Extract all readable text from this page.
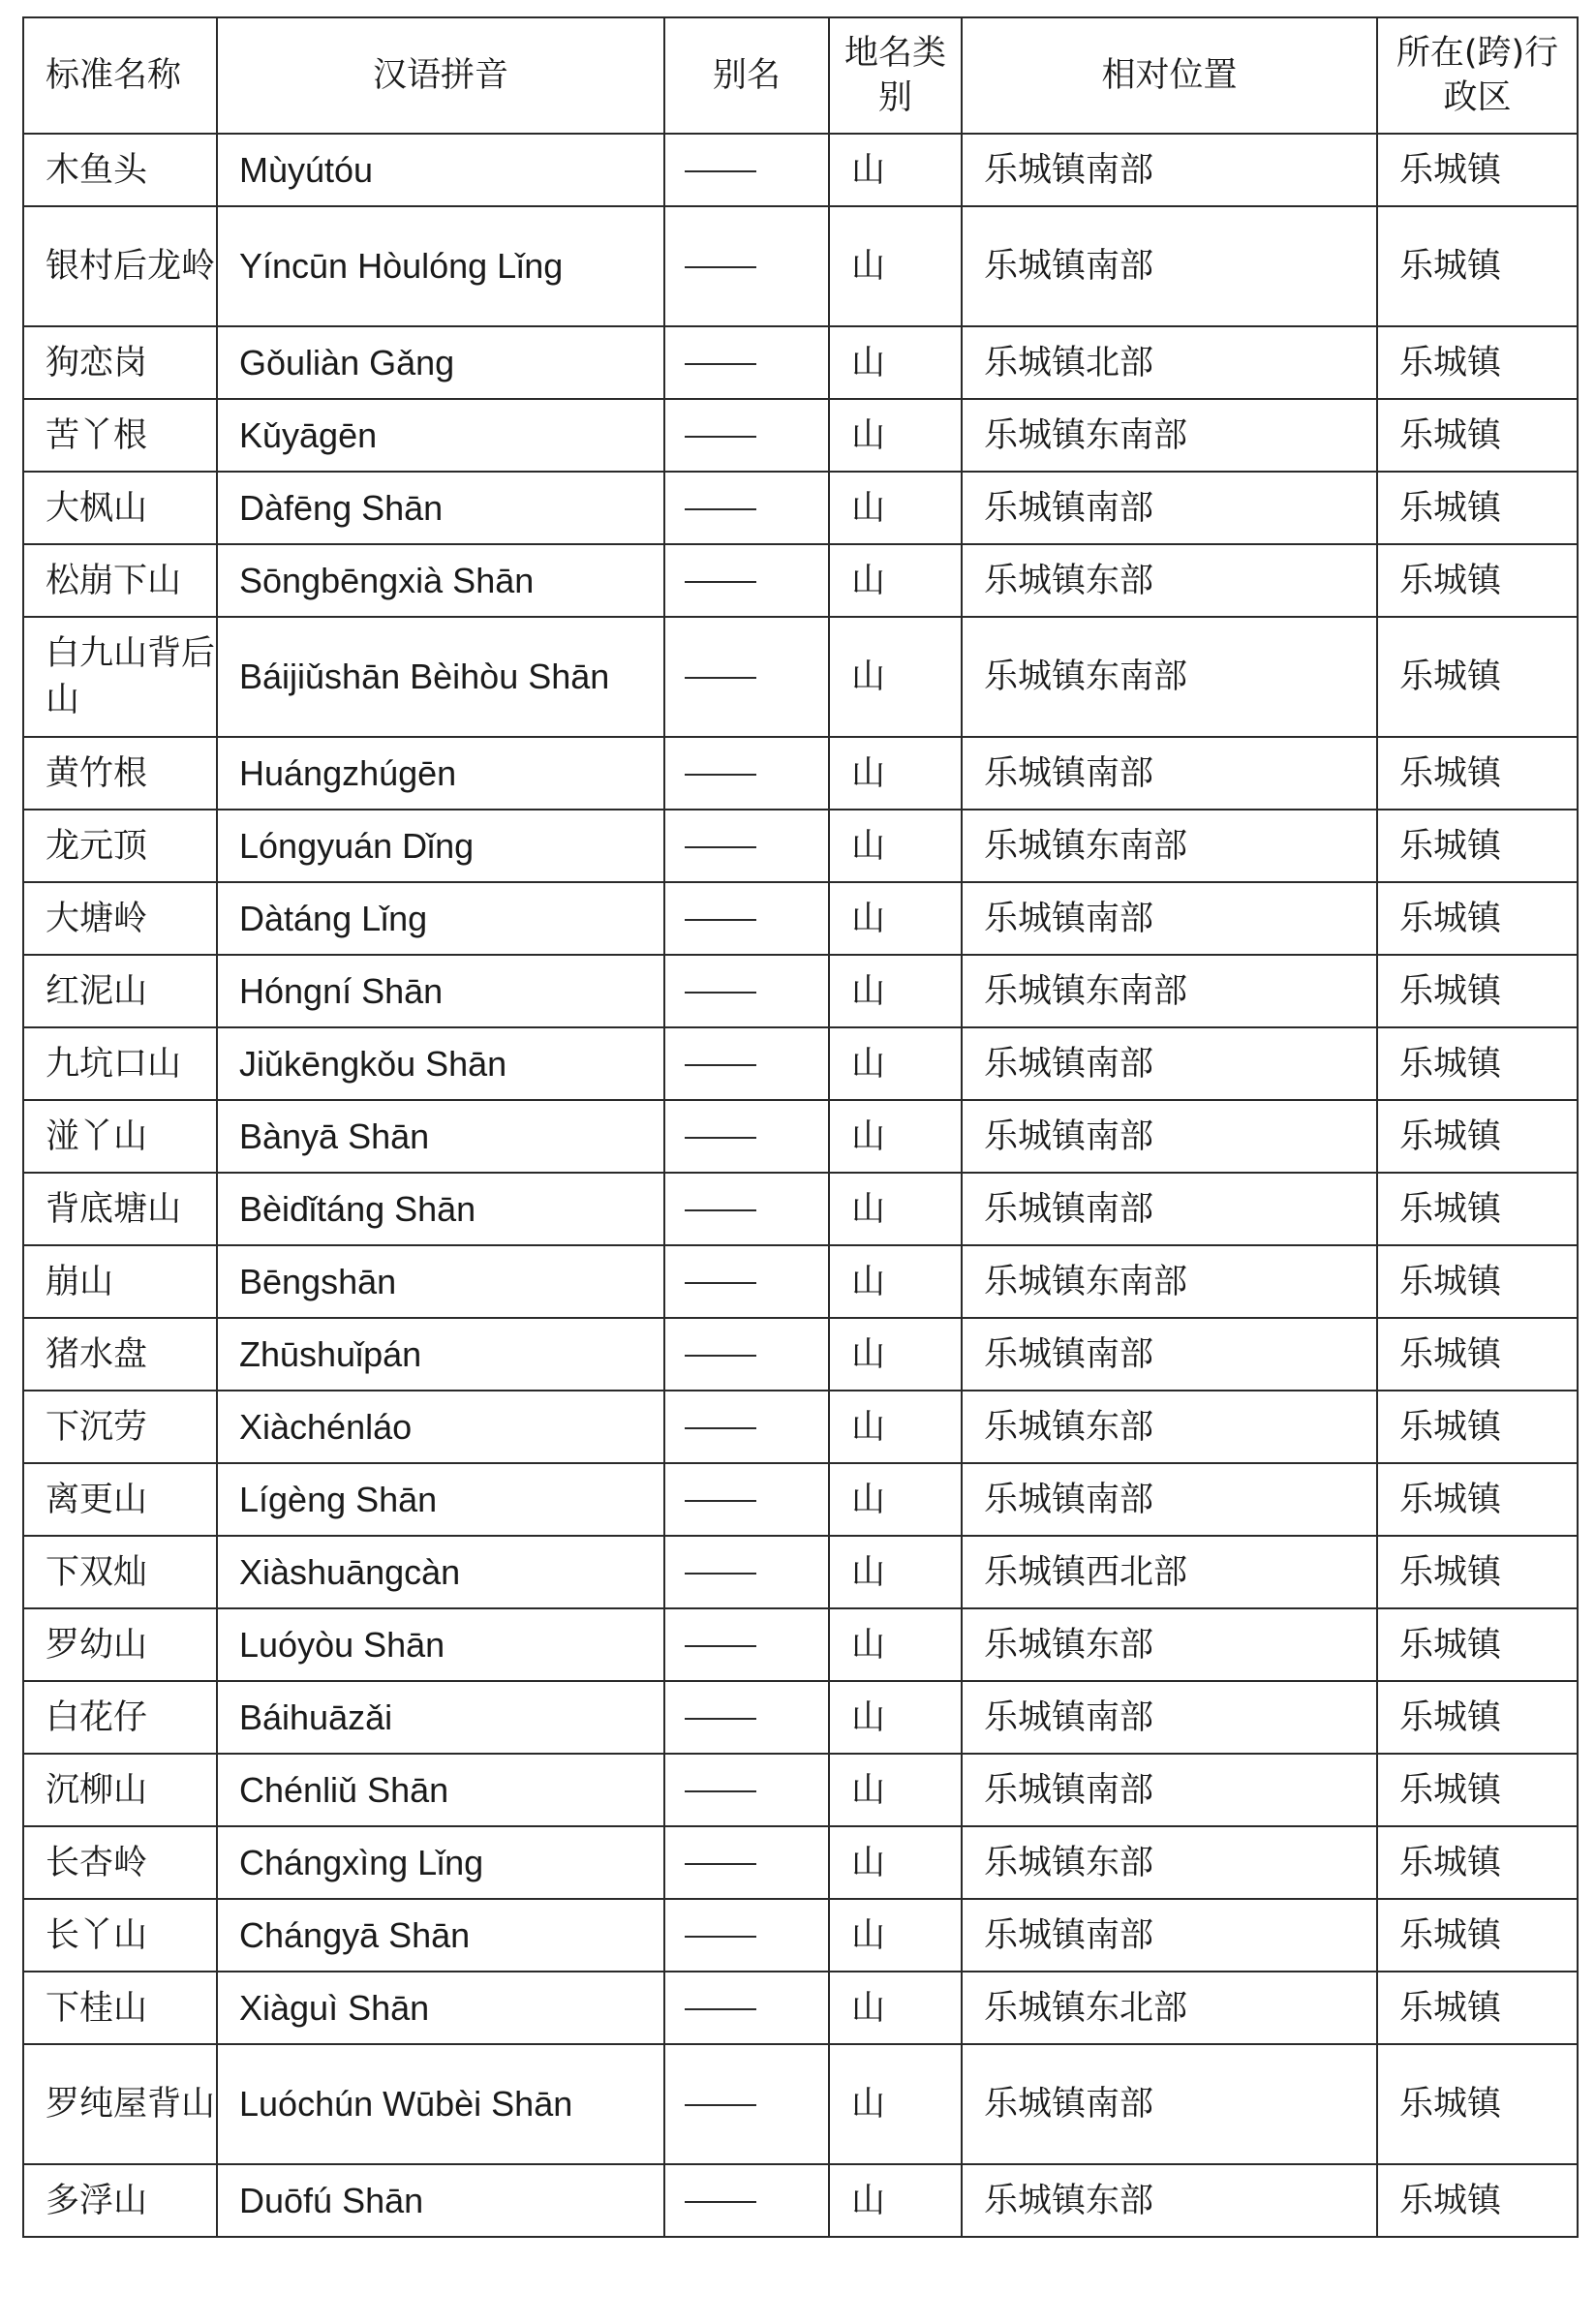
标准名称	汉语拼音	别名	地名类别	相对位置	所在(跨)行政区
木鱼头	Mùyútóu		山	乐城镇南部	乐城镇
银村后龙岭	Yíncūn Hòulóng Lǐng		山	乐城镇南部	乐城镇
狗恋岗	Gǒuliàn Gǎng		山	乐城镇北部	乐城镇
苦丫根	Kǔyāgēn		山	乐城镇东南部	乐城镇
大枫山	Dàfēng Shān		山	乐城镇南部	乐城镇
松崩下山	Sōngbēngxià Shān		山	乐城镇东部	乐城镇
白九山背后山	Báijiǔshān Bèihòu Shān		山	乐城镇东南部	乐城镇
黄竹根	Huángzhúgēn		山	乐城镇南部	乐城镇
龙元顶	Lóngyuán Dǐng		山	乐城镇东南部	乐城镇
大塘岭	Dàtáng Lǐng		山	乐城镇南部	乐城镇
红泥山	Hóngní Shān		山	乐城镇东南部	乐城镇
九坑口山	Jiǔkēngkǒu Shān		山	乐城镇南部	乐城镇
湴丫山	Bànyā Shān		山	乐城镇南部	乐城镇
背底塘山	Bèidǐtáng Shān		山	乐城镇南部	乐城镇
崩山	Bēngshān		山	乐城镇东南部	乐城镇
猪水盘	Zhūshuǐpán		山	乐城镇南部	乐城镇
下沉劳	Xiàchénláo		山	乐城镇东部	乐城镇
离更山	Lígèng Shān		山	乐城镇南部	乐城镇
下双灿	Xiàshuāngcàn		山	乐城镇西北部	乐城镇
罗幼山	Luóyòu Shān		山	乐城镇东部	乐城镇
白花仔	Báihuāzǎi		山	乐城镇南部	乐城镇
沉柳山	Chénliǔ Shān		山	乐城镇南部	乐城镇
长杏岭	Chángxìng Lǐng		山	乐城镇东部	乐城镇
长丫山	Chángyā Shān		山	乐城镇南部	乐城镇
下桂山	Xiàguì Shān		山	乐城镇东北部	乐城镇
罗纯屋背山	Luóchún Wūbèi Shān		山	乐城镇南部	乐城镇
多浮山	Duōfú Shān		山	乐城镇东部	乐城镇
